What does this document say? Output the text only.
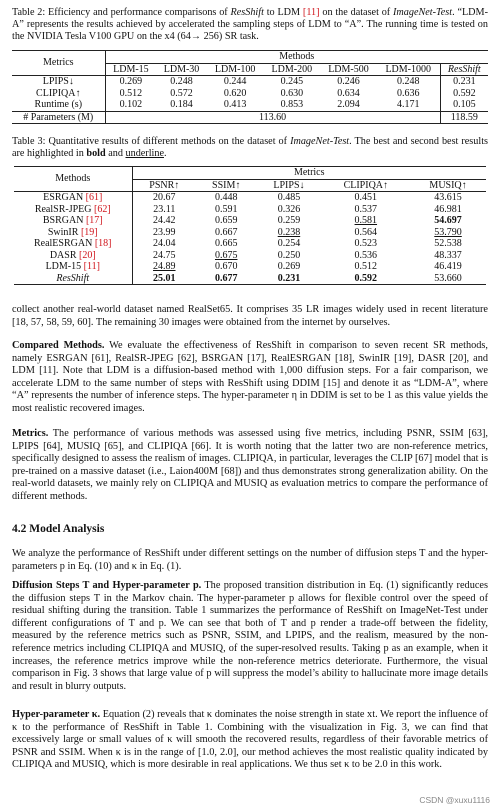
Table 2: Efficiency and performance comparisons of ResShift to LDM [11] on the dataset of ImageNet-Test. “LDM-A” represents the results achieved by accelerated the sampling steps of LDM to “A”. The running time is tested on the NVIDIA Tesla V100 GPU on the x4 (64→ 256) SR task.
Metrics	Methods						
	LDM-15	LDM-30	LDM-100	LDM-200	LDM-500	LDM-1000	ResShift
LPIPS↓	0.269	0.248	0.244	0.245	0.246	0.248	0.231
CLIPIQA↑	0.512	0.572	0.620	0.630	0.634	0.636	0.592
Runtime (s)	0.102	0.184	0.413	0.853	2.094	4.171	0.105
# Parameters (M)	113.60						118.59
Table 3: Quantitative results of different methods on the dataset of ImageNet-Test. The best and second best results are highlighted in bold and underline.
Methods	Metrics				
	PSNR↑	SSIM↑	LPIPS↓	CLIPIQA↑	MUSIQ↑
ESRGAN [61]	20.67	0.448	0.485	0.451	43.615
RealSR-JPEG [62]	23.11	0.591	0.326	0.537	46.981
BSRGAN [17]	24.42	0.659	0.259	0.581	54.697
SwinIR [19]	23.99	0.667	0.238	0.564	53.790
RealESRGAN [18]	24.04	0.665	0.254	0.523	52.538
DASR [20]	24.75	0.675	0.250	0.536	48.337
LDM-15 [11]	24.89	0.670	0.269	0.512	46.419
ResShift	25.01	0.677	0.231	0.592	53.660
collect another real-world dataset named RealSet65. It comprises 35 LR images widely used in recent literature [18, 57, 58, 59, 60]. The remaining 30 images were obtained from the internet by ourselves.
Compared Methods. We evaluate the effectiveness of ResShift in comparison to seven recent SR methods, namely ESRGAN [61], RealSR-JPEG [62], BSRGAN [17], RealESRGAN [18], SwinIR [19], DASR [20], and LDM [11]. Note that LDM is a diffusion-based method with 1,000 diffusion steps. For a fair comparison, we accelerate LDM to the same number of steps with ResShift using DDIM [15] and denote it as “LDM-A”, where “A” represents the number of inference steps. The hyper-parameter η in DDIM is set to be 1 as this value yields the most realistic recovered images.
Metrics. The performance of various methods was assessed using five metrics, including PSNR, SSIM [63], LPIPS [64], MUSIQ [65], and CLIPIQA [66]. It is worth noting that the latter two are non-reference metrics, specifically designed to assess the realism of images. CLIPIQA, in particular, leverages the CLIP [67] model that is pre-trained on a massive dataset (i.e., Laion400M [68]) and thus demonstrates strong generalization ability. On the real-world datasets, we mainly rely on CLIPIQA and MUSIQ as evaluation metrics to compare the performance of different methods.
4.2 Model Analysis
We analyze the performance of ResShift under different settings on the number of diffusion steps T and the hyper-parameters p in Eq. (10) and κ in Eq. (1).
Diffusion Steps T and Hyper-parameter p. The proposed transition distribution in Eq. (1) significantly reduces the diffusion steps T in the Markov chain. The hyper-parameter p allows for flexible control over the speed of residual shifting during the transition. Table 1 summarizes the performance of ResShift on ImageNet-Test under different configurations of T and p. We can see that both of T and p render a trade-off between the fidelity, measured by the reference metrics such as PSNR, SSIM, and LPIPS, and the realism, measured by the non-reference metrics including CLIPIQA and MUSIQ, of the super-resolved results. Taking p as an example, when it increases, the reference metrics improve while the non-reference metrics deteriorate. Furthermore, the visual comparison in Fig. 3 shows that large value of p will suppress the model’s ability to hallucinate more image details and result in blurry outputs.
Hyper-parameter κ. Equation (2) reveals that κ dominates the noise strength in state xt. We report the influence of κ to the performance of ResShift in Table 1. Combining with the visualization in Fig. 3, we can find that excessively large or small values of κ will smooth the recovered results, regardless of their favorable metrics of PSNR and SSIM. When κ is in the range of [1.0, 2.0], our method achieves the most realistic quality indicated by CLIPIQA and MUSIQ, which is more desirable in real applications. We thus set κ to be 2.0 in this work.
CSDN @xuxu1116
